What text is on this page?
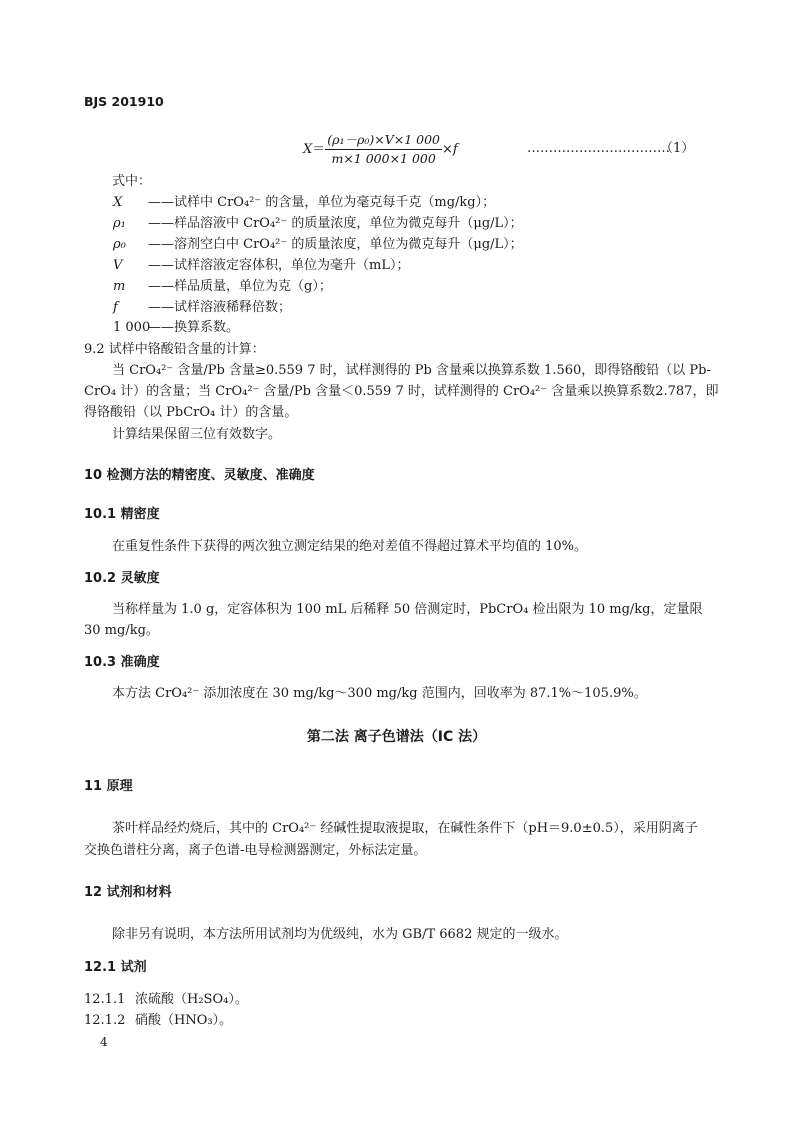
BJS 201910
$X= \frac{\text{(ρ₁－ρ₀)×V×1 000}}{m\times 1 000\times 1 000} \times f$	……………………………
（1）
式中：
X ——试样中 CrO₄²⁻ 的含量，单位为毫克每千克（mg/kg）；
ρ₁ ——样品溶液中 CrO₄²⁻ 的质量浓度，单位为微克每升（μg/L）；
ρ₀ ——溶剂空白中 CrO₄²⁻ 的质量浓度，单位为微克每升（μg/L）；
V ——试样溶液定容体积，单位为毫升（mL）；
m ——样品质量，单位为克（g）；
f ——试样溶液稀释倍数；
1 000
——换算系数。
9.2 试样中铬酸铅含量的计算：
当 CrO₄²⁻ 含量/Pb 含量≥0.559 7 时，试样测得的 Pb 含量乘以换算系数 1.560，即得铬酸铅（以 Pb-
CrO₄ 计）的含量；当 CrO₄²⁻ 含量/Pb 含量＜0.559 7 时，试样测得的 CrO₄²⁻ 含量乘以换算系数2.787，即
得铬酸铅（以 PbCrO₄ 计）的含量。
计算结果保留三位有效数字。
10 检测方法的精密度、灵敏度、准确度
10.1 精密度
在重复性条件下获得的两次独立测定结果的绝对差值不得超过算术平均值的 10%。
10.2 灵敏度
当称样量为 1.0 g，定容体积为 100 mL 后稀释 50 倍测定时，PbCrO₄ 检出限为 10 mg/kg，定量限
30 mg/kg。
10.3 准确度
本方法 CrO₄²⁻ 添加浓度在 30 mg/kg～300 mg/kg 范围内，回收率为 87.1%～105.9%。
第二法 离子色谱法（IC 法）
11 原理
茶叶样品经灼烧后，其中的 CrO₄²⁻ 经碱性提取液提取，在碱性条件下（pH＝9.0±0.5），采用阴离子
交换色谱柱分离，离子色谱-电导检测器测定，外标法定量。
12 试剂和材料
除非另有说明，本方法所用试剂均为优级纯，水为 GB/T 6682 规定的一级水。
12.1 试剂
12.1.1 浓硫酸（H₂SO₄）。
12.1.2 硝酸（HNO₃）。
4
